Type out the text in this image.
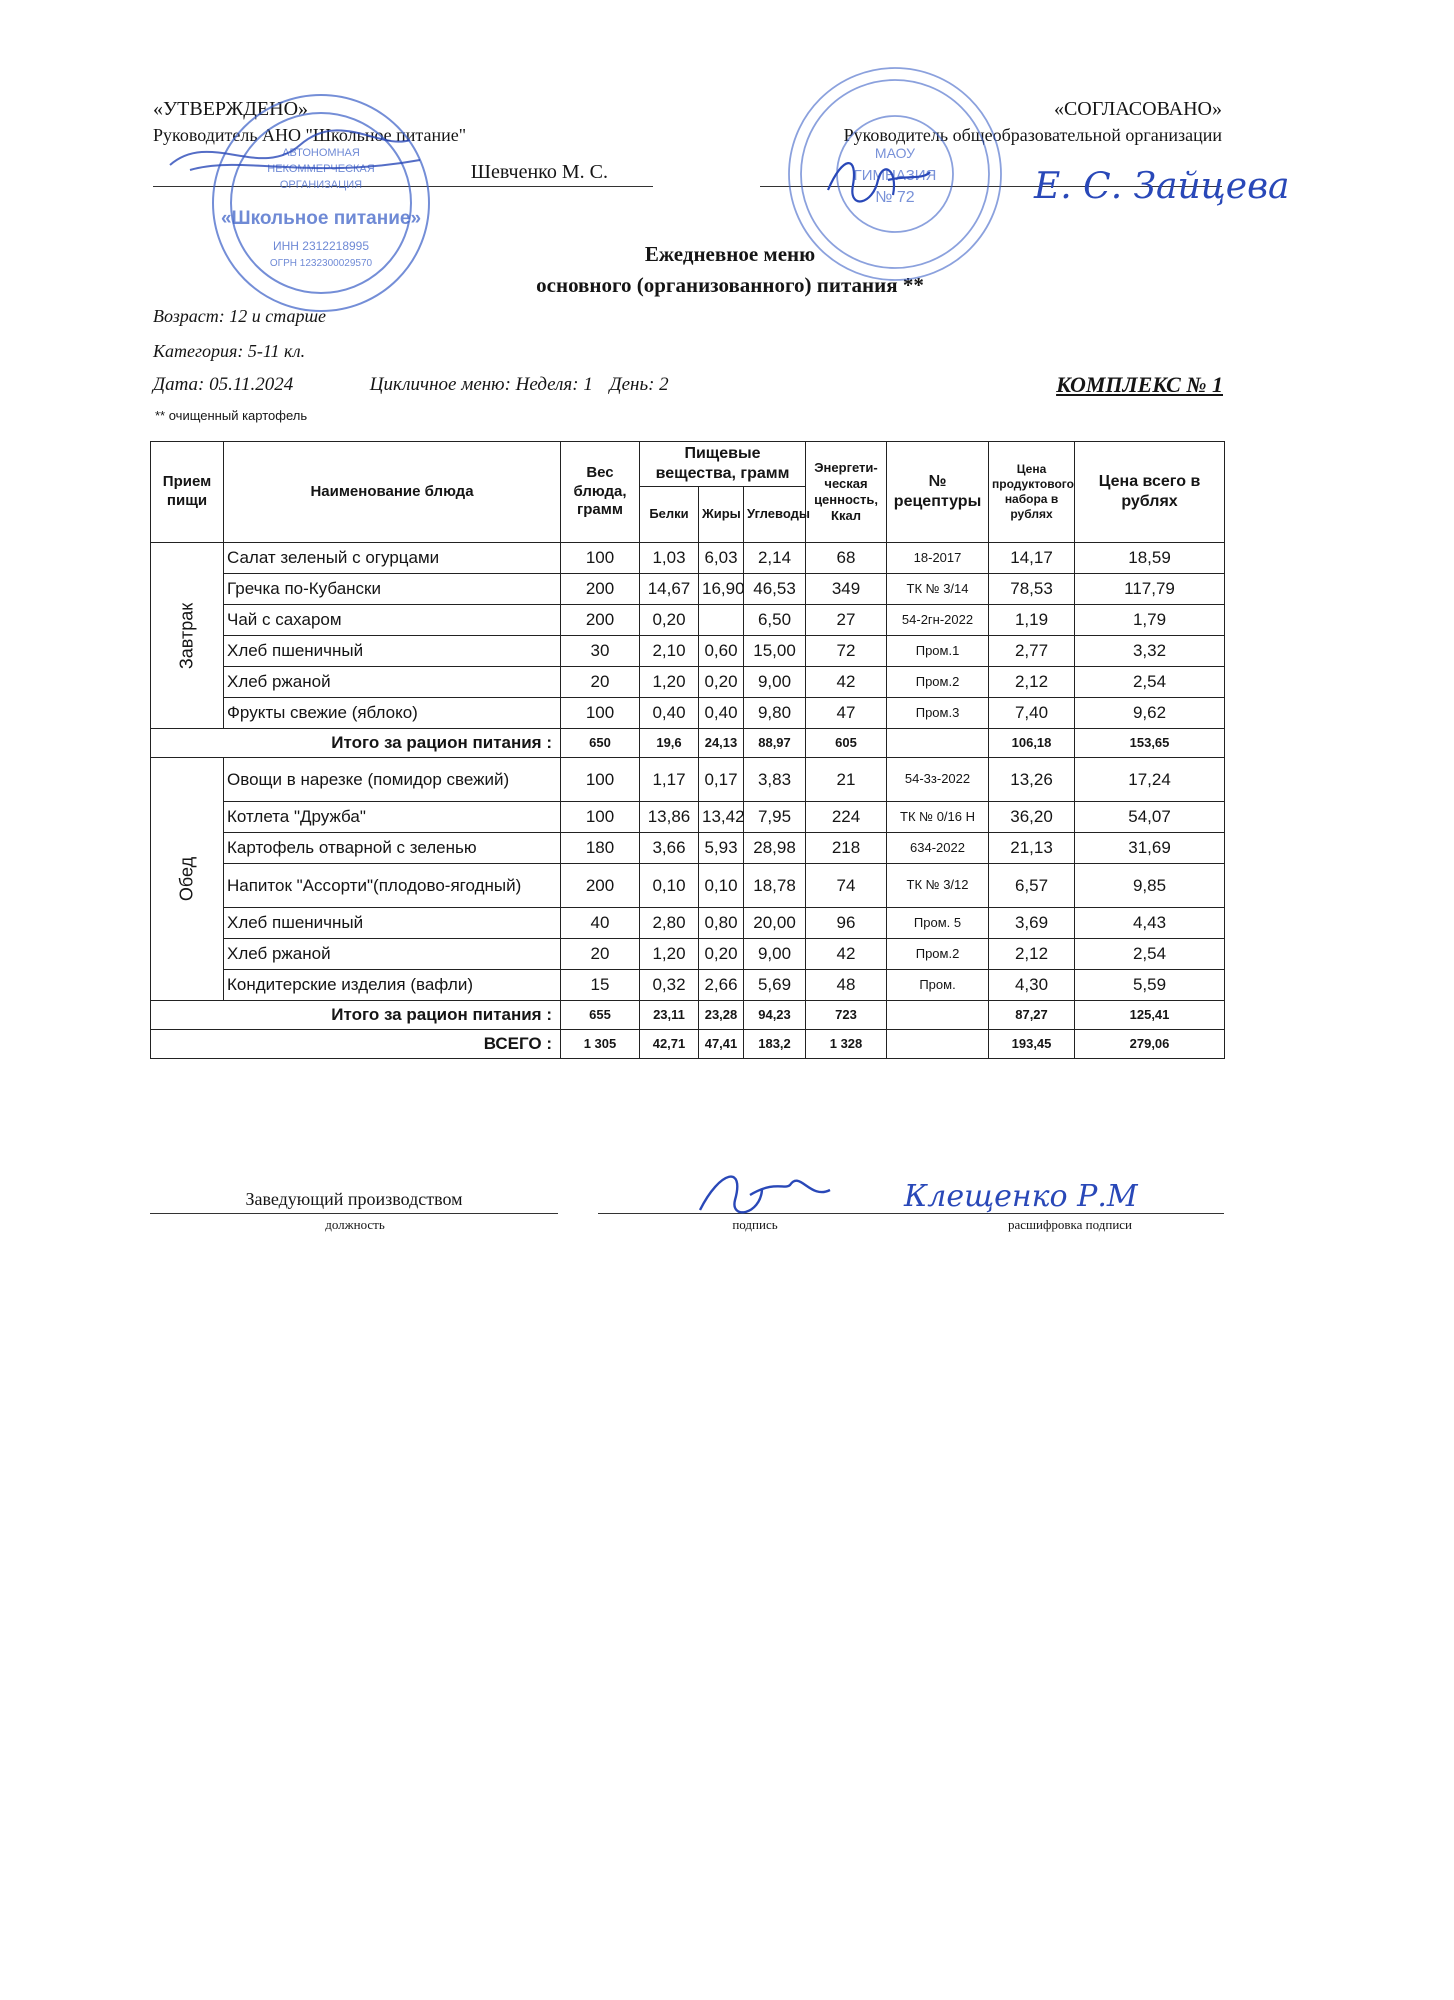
«УТВЕРЖДЕНО»
Руководитель АНО "Школьное питание"
Шевченко М. С.
«СОГЛАСОВАНО»
Руководитель общеобразовательной организации
Ежедневное меню
основного (организованного) питания **
Возраст: 12 и старше
Категория: 5-11 кл.
Дата: 05.11.2024	Цикличное меню: Неделя: 1 День: 2	КОМПЛЕКС № 1
** очищенный картофель
Прием пищи	Наименование блюда	Вес блюда, грамм	Пищевые вещества, грамм			Энергети- ческая ценность, Ккал	№ рецептуры	Цена продуктового набора в рублях	Цена всего в рублях
			Белки	Жиры	Углеводы				

Завтрак	Салат зеленый с огурцами	100	1,03	6,03	2,14	68	18-2017	14,17	18,59
	Гречка по-Кубански	200	14,67	16,90	46,53	349	ТК № 3/14	78,53	117,79
	Чай с сахаром	200	0,20		6,50	27	54-2гн-2022	1,19	1,79
	Хлеб пшеничный	30	2,10	0,60	15,00	72	Пром.1	2,77	3,32
	Хлеб ржаной	20	1,20	0,20	9,00	42	Пром.2	2,12	2,54
	Фрукты свежие (яблоко)	100	0,40	0,40	9,80	47	Пром.3	7,40	9,62
Итого за рацион питания :		650	19,6	24,13	88,97	605		106,18	153,65

Обед	Овощи в нарезке (помидор свежий)	100	1,17	0,17	3,83	21	54-3з-2022	13,26	17,24
	Котлета "Дружба"	100	13,86	13,42	7,95	224	ТК № 0/16 Н	36,20	54,07
	Картофель отварной с зеленью	180	3,66	5,93	28,98	218	634-2022	21,13	31,69
	Напиток "Ассорти"(плодово-ягодный)	200	0,10	0,10	18,78	74	ТК № 3/12	6,57	9,85
	Хлеб пшеничный	40	2,80	0,80	20,00	96	Пром. 5	3,69	4,43
	Хлеб ржаной	20	1,20	0,20	9,00	42	Пром.2	2,12	2,54
	Кондитерские изделия (вафли)	15	0,32	2,66	5,69	48	Пром.	4,30	5,59
Итого за рацион питания :		655	23,11	23,28	94,23	723		87,27	125,41
ВСЕГО :		1 305	42,71	47,41	183,2	1 328		193,45	279,06
Заведующий производством
должность	подпись	расшифровка подписи
АВТОНОМНАЯ
НЕКОММЕРЧЕСКАЯ
ОРГАНИЗАЦИЯ
«Школьное питание»
ИНН 2312218995
ОГРН 1232300029570
МАОУ
ГИМНАЗИЯ
№ 72	Е. С. Зайцева
Клещенко Р.М
